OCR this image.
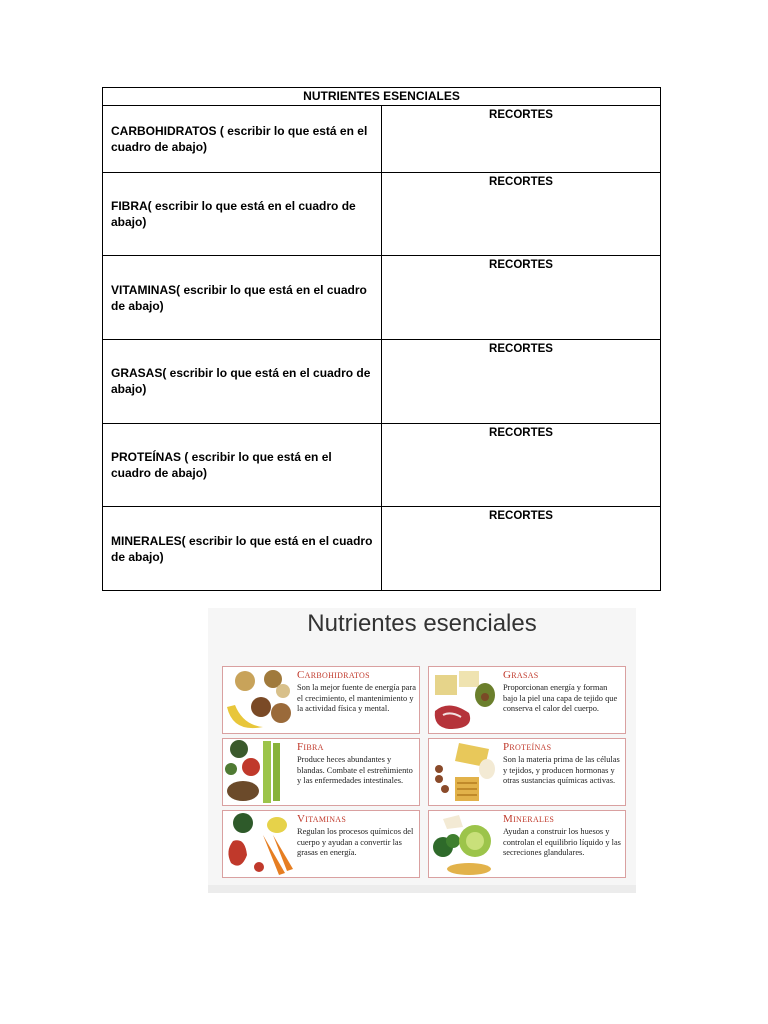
NUTRIENTES ESENCIALES	
CARBOHIDRATOS ( escribir lo que está en el cuadro de abajo)	RECORTES
FIBRA( escribir lo que está en el cuadro de abajo)	RECORTES
VITAMINAS( escribir lo que está en el cuadro de abajo)	RECORTES
GRASAS( escribir lo que está en el cuadro de abajo)	RECORTES
PROTEÍNAS ( escribir lo que está en el cuadro de abajo)	RECORTES
MINERALES( escribir lo que está en el cuadro de abajo)	RECORTES
Nutrientes esenciales
Carbohidratos
Son la mejor fuente de energía para el crecimiento, el mantenimiento y la actividad física y mental.
Grasas
Proporcionan energía y forman bajo la piel una capa de tejido que conserva el calor del cuerpo.
Fibra
Produce heces abundantes y blandas. Combate el estreñimiento y las enfermedades intestinales.
Proteínas
Son la materia prima de las células y tejidos, y producen hormonas y otras sustancias químicas activas.
Vitaminas
Regulan los procesos químicos del cuerpo y ayudan a convertir las grasas en energía.
Minerales
Ayudan a construir los huesos y controlan el equilibrio líquido y las secreciones glandulares.
